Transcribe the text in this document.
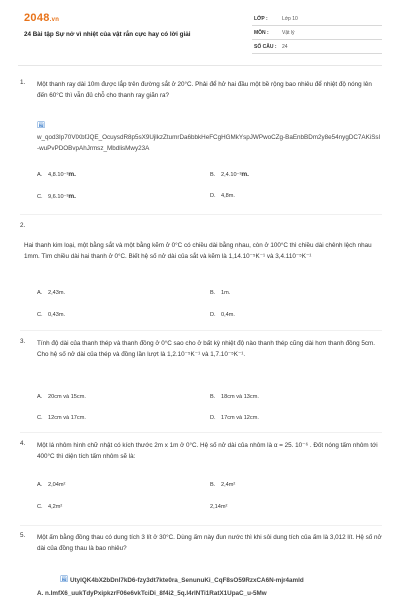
2048.vn
24 Bài tập Sự nở vì nhiệt của vật rắn cực hay có lời giải
LỚP :	Lớp 10
MÔN :	Vật lý
SỐ CÂU : 24
1. Một thanh ray dài 10m được lắp trên đường sắt ở 20°C. Phải để hở hai đầu một bề rộng bao nhiêu để nhiệt độ nóng lên đến 60°C thì vẫn đủ chỗ cho thanh ray giãn ra?
🖼
w_qod3Ip70VlXbfJQE_OcuysdR8p5sX9UjlkzZtumrDa6bbkHeFCgHGMkYspJWPwoCZg-BaEnbBDm2y8e54nygDC7AKiSsl-wuPvPDOBvpAhJrmsz_MbdlisMwy23A
A. 4,8.10⁻³m.	B. 2,4.10⁻³m.
C. 9,6.10⁻³m.	D. 4,8m.
2.
Hai thanh kim loại, một bằng sắt và một bằng kẽm ở 0°C có chiều dài bằng nhau, còn ở 100°C thì chiều dài chênh lệch nhau 1mm. Tìm chiều dài hai thanh ở 0°C. Biết hệ số nở dài của sắt và kẽm là 1,14.10⁻⁵K⁻¹ và 3,4.110⁻⁵K⁻¹
A. 2,43m.	B. 1m.
C. 0,43m.	D. 0,4m.
3. Tính độ dài của thanh thép và thanh đồng ở 0°C sao cho ở bất kỳ nhiệt độ nào thanh thép cũng dài hơn thanh đồng 5cm. Cho hệ số nở dài của thép và đồng lần lượt là 1,2.10⁻⁵K⁻¹ và 1,7.10⁻⁵K⁻¹.
A. 20cm và 15cm.	B. 18cm và 13cm.
C. 12cm và 17cm.	D. 17cm và 12cm.
4. Một lá nhôm hình chữ nhật có kích thước 2m x 1m ở 0°C. Hệ số nở dài của nhôm là α = 25. 10⁻⁶ . Đốt nóng tấm nhôm tới 400°C thì diện tích tấm nhôm sẽ là:
A. 2,04m²	B. 2,4m²
C. 4,2m²	2,14m²
5. Một ấm bằng đồng thau có dung tích 3 lít ở 30°C. Dùng ấm này đun nước thì khi sôi dung tích của ấm là 3,012 lít. Hệ số nở dài của đồng thau là bao nhiêu?
🖼 UtylQK4bX2bDnl7kD6-fzy3dt7kte0ra_SenunuKi_CqF8sO59RzxCA6N-mjr4amld
A. n.lmfX6_uukTdyPxipkzrF06e6vkTciDi_8f4i2_5q.l4rlNTi1RatX1UpaC_u-5Mw
